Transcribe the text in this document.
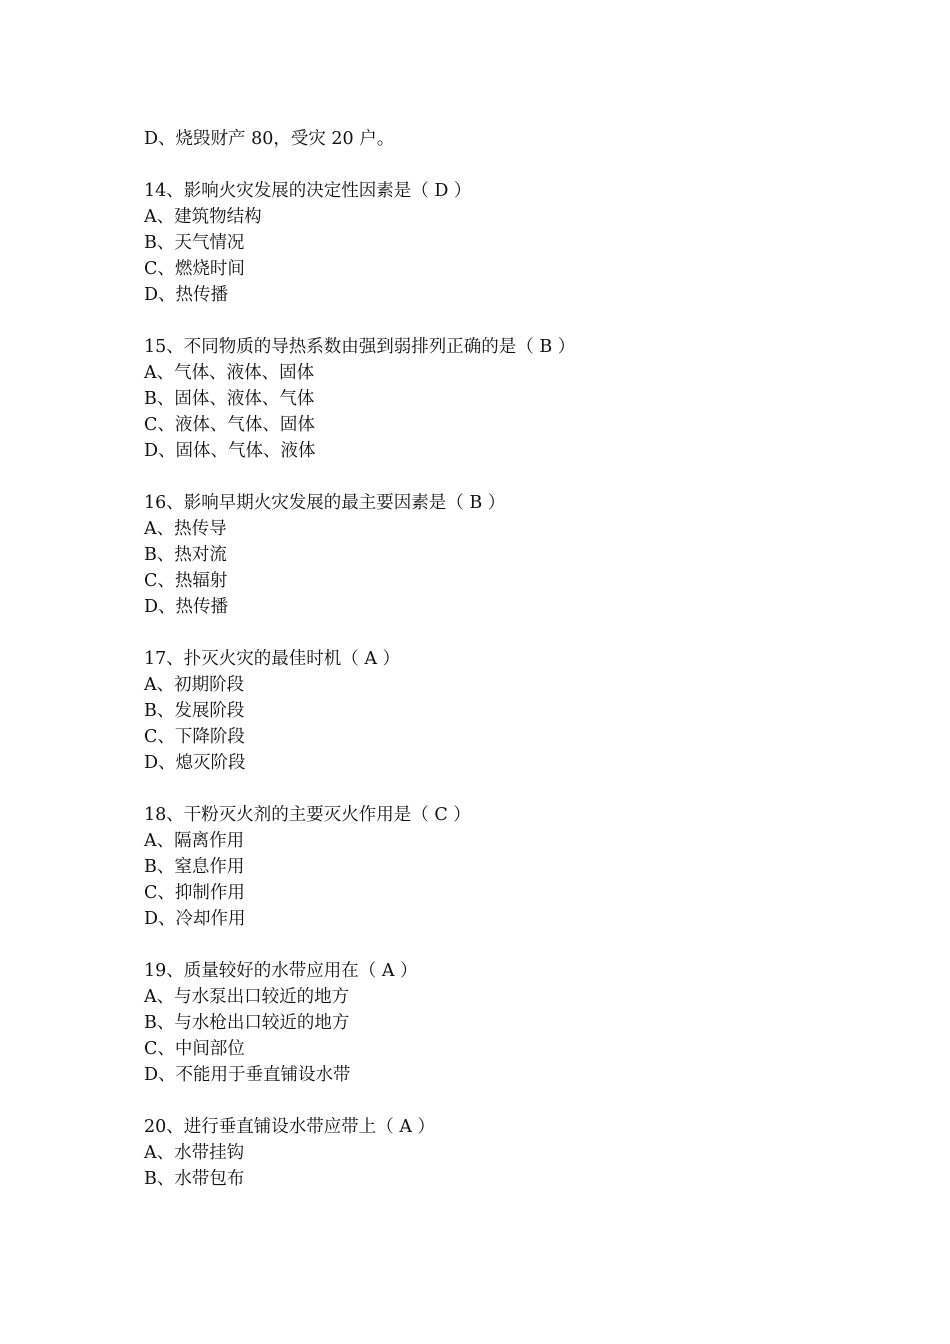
D、烧毁财产 80，受灾 20 户。
14、影响火灾发展的决定性因素是（ D ）
A、建筑物结构
B、天气情况
C、燃烧时间
D、热传播
15、不同物质的导热系数由强到弱排列正确的是（ B ）
A、气体、液体、固体
B、固体、液体、气体
C、液体、气体、固体
D、固体、气体、液体
16、影响早期火灾发展的最主要因素是（ B ）
A、热传导
B、热对流
C、热辐射
D、热传播
17、扑灭火灾的最佳时机（ A ）
A、初期阶段
B、发展阶段
C、下降阶段
D、熄灭阶段
18、干粉灭火剂的主要灭火作用是（ C ）
A、隔离作用
B、窒息作用
C、抑制作用
D、冷却作用
19、质量较好的水带应用在（ A ）
A、与水泵出口较近的地方
B、与水枪出口较近的地方
C、中间部位
D、不能用于垂直铺设水带
20、进行垂直铺设水带应带上（ A ）
A、水带挂钩
B、水带包布
